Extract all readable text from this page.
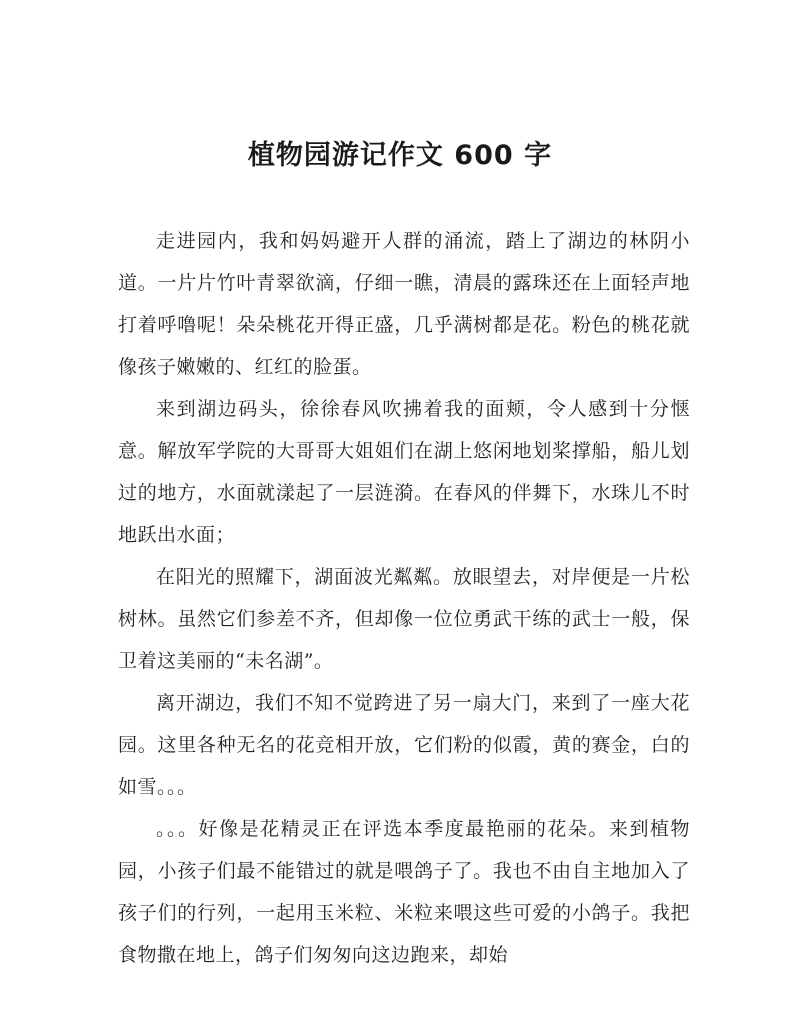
植物园游记作文 600 字

走进园内，我和妈妈避开人群的涌流，踏上了湖边的林阴小道。一片片竹叶青翠欲滴，仔细一瞧，清晨的露珠还在上面轻声地打着呼噜呢！朵朵桃花开得正盛，几乎满树都是花。粉色的桃花就像孩子嫩嫩的、红红的脸蛋。

来到湖边码头，徐徐春风吹拂着我的面颊，令人感到十分惬意。解放军学院的大哥哥大姐姐们在湖上悠闲地划桨撑船，船儿划过的地方，水面就漾起了一层涟漪。在春风的伴舞下，水珠儿不时地跃出水面；

在阳光的照耀下，湖面波光粼粼。放眼望去，对岸便是一片松树林。虽然它们参差不齐，但却像一位位勇武干练的武士一般，保卫着这美丽的“未名湖”。

离开湖边，我们不知不觉跨进了另一扇大门，来到了一座大花园。这里各种无名的花竞相开放，它们粉的似霞，黄的赛金，白的如雪。。。

。。。好像是花精灵正在评选本季度最艳丽的花朵。来到植物园，小孩子们最不能错过的就是喂鸽子了。我也不由自主地加入了孩子们的行列，一起用玉米粒、米粒来喂这些可爱的小鸽子。我把食物撒在地上，鸽子们匆匆向这边跑来，却始
